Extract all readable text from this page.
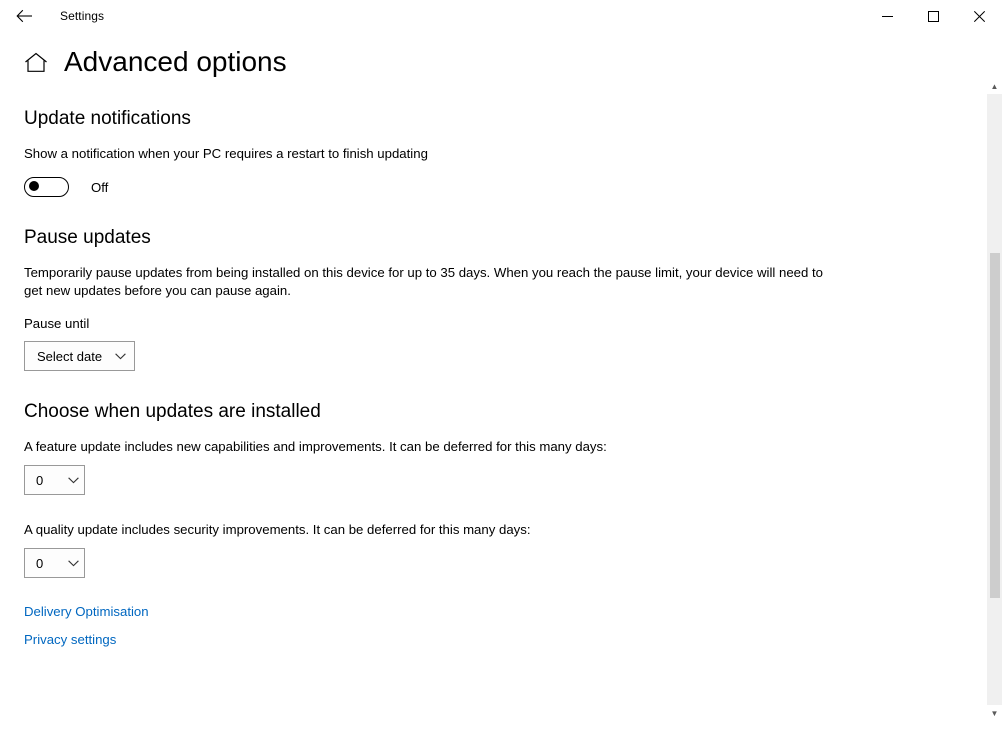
Settings
Advanced options
Update notifications

Show a notification when your PC requires a restart to finish updating

Off
Pause updates

Temporarily pause updates from being installed on this device for up to 35 days. When you reach the pause limit, your device will need to get new updates before you can pause again.

Pause until
Select date
Choose when updates are installed

A feature update includes new capabilities and improvements. It can be deferred for this many days:

0

A quality update includes security improvements. It can be deferred for this many days:

0
Delivery Optimisation
Privacy settings
▲
▼
